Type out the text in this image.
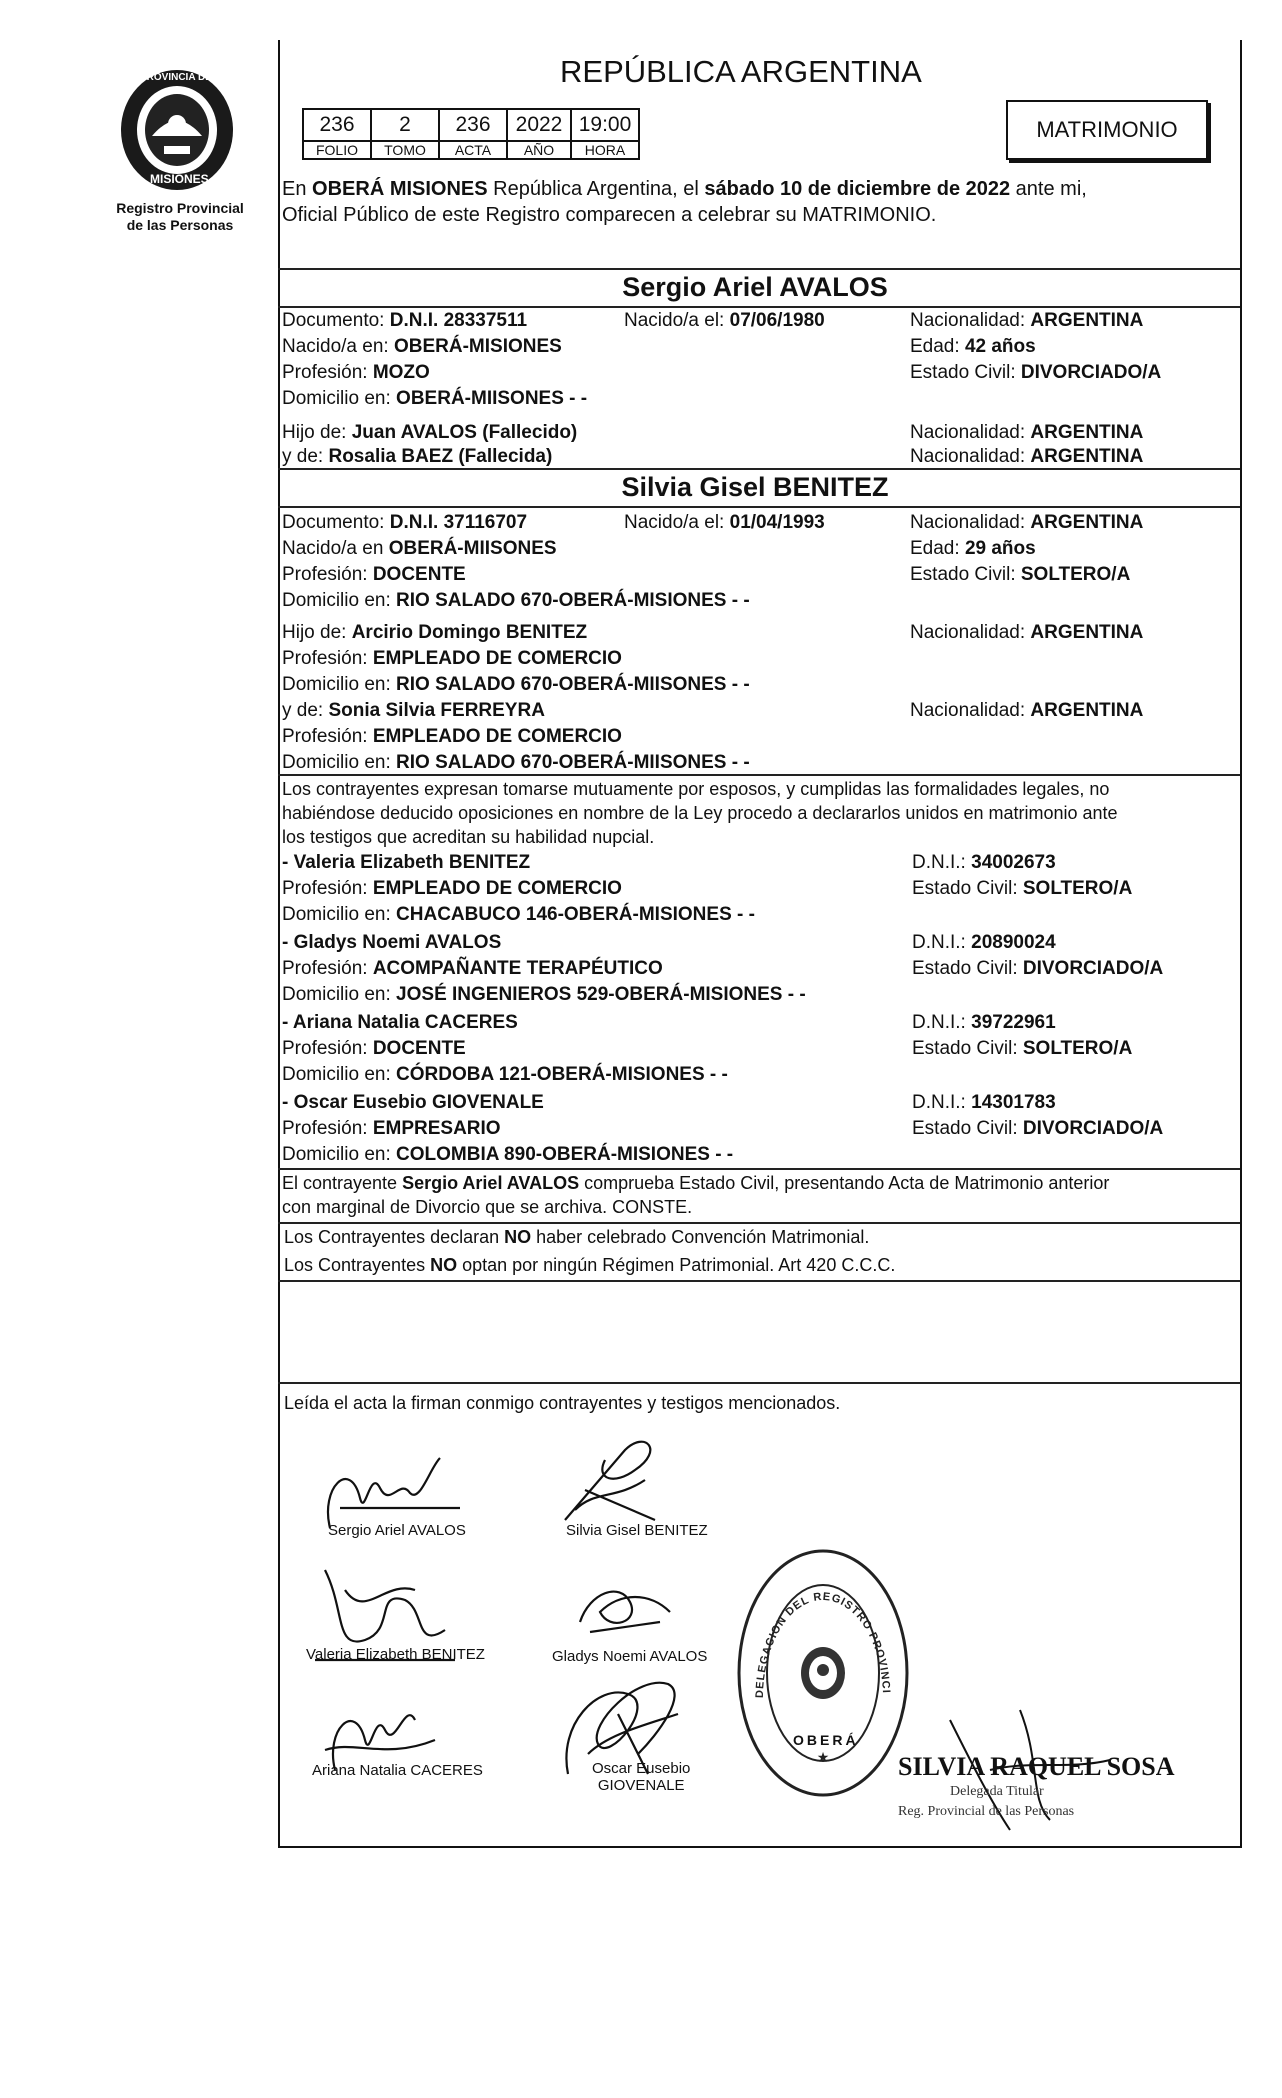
PROVINCIA DE
MISIONES
Registro Provincial
de las Personas
REPÚBLICA ARGENTINA
236	2	236	2022	19:00
FOLIO	TOMO	ACTA	AÑO	HORA
MATRIMONIO
En OBERÁ MISIONES República Argentina, el sábado 10 de diciembre de 2022 ante mi,
Oficial Público de este Registro comparecen a celebrar su MATRIMONIO.
Sergio Ariel AVALOS
Documento: D.N.I. 28337511	Nacido/a el: 07/06/1980	Nacionalidad: ARGENTINA
Nacido/a en: OBERÁ-MISIONES	Edad: 42 años
Profesión: MOZO	Estado Civil: DIVORCIADO/A
Domicilio en: OBERÁ-MIISONES - -
Hijo de: Juan AVALOS (Fallecido)	Nacionalidad: ARGENTINA
y de: Rosalia BAEZ (Fallecida)	Nacionalidad: ARGENTINA
Silvia Gisel BENITEZ
Documento: D.N.I. 37116707	Nacido/a el: 01/04/1993	Nacionalidad: ARGENTINA
Nacido/a en OBERÁ-MIISONES	Edad: 29 años
Profesión: DOCENTE	Estado Civil: SOLTERO/A
Domicilio en: RIO SALADO 670-OBERÁ-MISIONES - -
Hijo de: Arcirio Domingo BENITEZ	Nacionalidad: ARGENTINA
Profesión: EMPLEADO DE COMERCIO
Domicilio en: RIO SALADO 670-OBERÁ-MIISONES - -
y de: Sonia Silvia FERREYRA	Nacionalidad: ARGENTINA
Profesión: EMPLEADO DE COMERCIO
Domicilio en: RIO SALADO 670-OBERÁ-MIISONES - -
Los contrayentes expresan tomarse mutuamente por esposos, y cumplidas las formalidades legales, no
habiéndose deducido oposiciones en nombre de la Ley procedo a declararlos unidos en matrimonio ante
los testigos que acreditan su habilidad nupcial.
- Valeria Elizabeth BENITEZ	D.N.I.: 34002673
Profesión: EMPLEADO DE COMERCIO	Estado Civil: SOLTERO/A
Domicilio en: CHACABUCO 146-OBERÁ-MISIONES - -
- Gladys Noemi AVALOS	D.N.I.: 20890024
Profesión: ACOMPAÑANTE TERAPÉUTICO	Estado Civil: DIVORCIADO/A
Domicilio en: JOSÉ INGENIEROS 529-OBERÁ-MISIONES - -
- Ariana Natalia CACERES	D.N.I.: 39722961
Profesión: DOCENTE	Estado Civil: SOLTERO/A
Domicilio en: CÓRDOBA 121-OBERÁ-MISIONES - -
- Oscar Eusebio GIOVENALE	D.N.I.: 14301783
Profesión: EMPRESARIO	Estado Civil: DIVORCIADO/A
Domicilio en: COLOMBIA 890-OBERÁ-MISIONES - -
El contrayente Sergio Ariel AVALOS comprueba Estado Civil, presentando Acta de Matrimonio anterior
con marginal de Divorcio que se archiva. CONSTE.
Los Contrayentes declaran NO haber celebrado Convención Matrimonial.
Los Contrayentes NO optan por ningún Régimen Patrimonial. Art 420 C.C.C.
Leída el acta la firman conmigo contrayentes y testigos mencionados.
Sergio Ariel AVALOS	Silvia Gisel BENITEZ
Valeria Elizabeth BENITEZ	Gladys Noemi AVALOS
Ariana Natalia CACERES	Oscar Eusebio
GIOVENALE
DELEGACION DEL REGISTRO PROVINCI
★
OBERÁ
SILVIA RAQUEL SOSA
Delegada Titular
Reg. Provincial de las Personas
